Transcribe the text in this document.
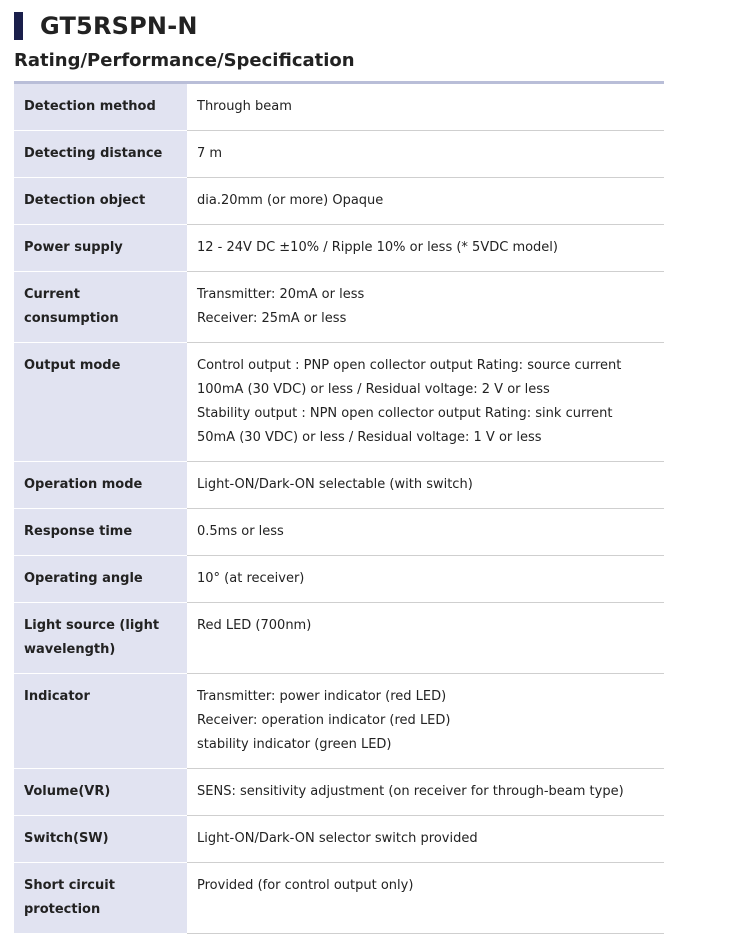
GT5RSPN-N
Rating/Performance/Specification
Detection method	Through beam

Detecting distance	7 m

Detection object	dia.20mm (or more) Opaque

Power supply	12 - 24V DC ±10% / Ripple 10% or less (* 5VDC model)

Current consumption	Transmitter: 20mA or less
Receiver: 25mA or less

Output mode	Control output : PNP open collector output Rating: source current 100mA (30 VDC) or less / Residual voltage: 2 V or less
Stability output : NPN open collector output Rating: sink current 50mA (30 VDC) or less / Residual voltage: 1 V or less

Operation mode	Light-ON/Dark-ON selectable (with switch)

Response time	0.5ms or less

Operating angle	10° (at receiver)

Light source (light wavelength)	Red LED (700nm)

Indicator	Transmitter: power indicator (red LED)
Receiver: operation indicator (red LED)
stability indicator (green LED)

Volume(VR)	SENS: sensitivity adjustment (on receiver for through-beam type)

Switch(SW)	Light-ON/Dark-ON selector switch provided

Short circuit protection	Provided (for control output only)
